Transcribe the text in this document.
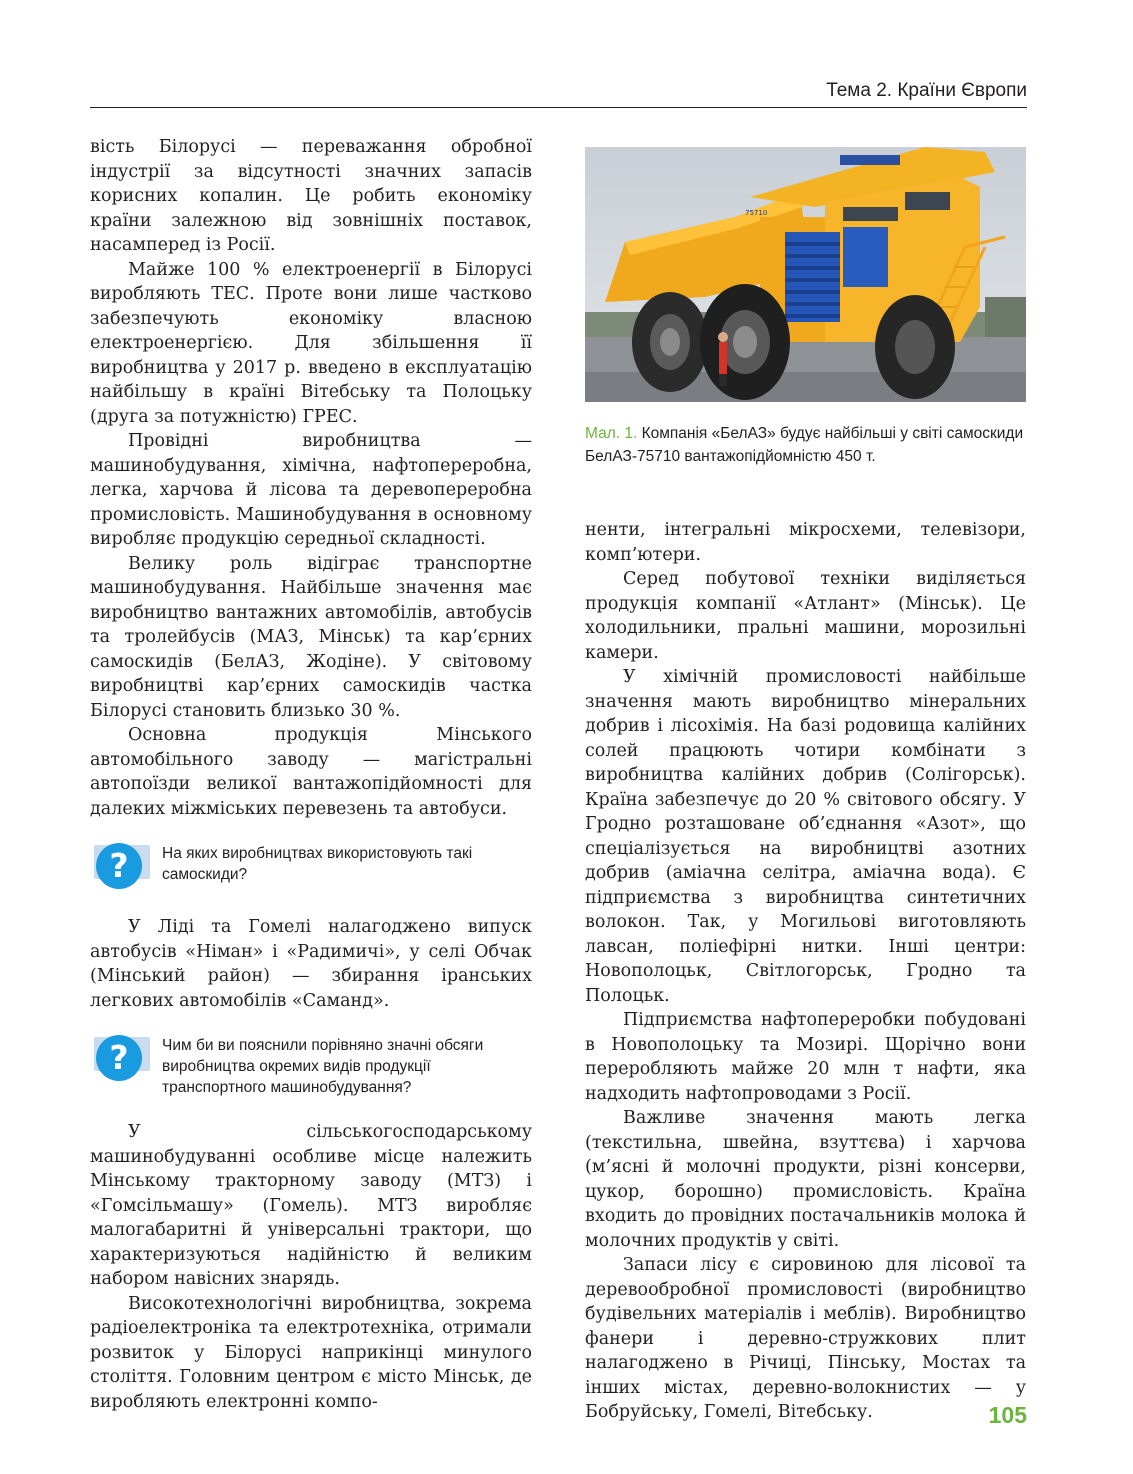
Тема 2. Країни Європи

вість Білорусі — переважання обробної індустрії за відсутності значних запасів корисних копалин. Це робить економіку країни залежною від зовнішніх поставок, насамперед із Росії.

Майже 100 % електроенергії в Білорусі виробляють ТЕС. Проте вони лише частково забезпечують економіку власною електроенергією. Для збільшення її виробництва у 2017 р. введено в експлуатацію найбільшу в країні Вітебську та Полоцьку (друга за потужністю) ГРЕС.

Провідні виробництва — машинобудування, хімічна, нафтопереробна, легка, харчова й лісова та деревопереробна промисловість. Машинобудування в основному виробляє продукцію середньої складності.

Велику роль відіграє транспортне машинобудування. Найбільше значення має виробництво вантажних автомобілів, автобусів та тролейбусів (МАЗ, Мінськ) та кар’єрних самоскидів (БелАЗ, Жодіне). У світовому виробництві кар’єрних самоскидів частка Білорусі становить близько 30 %.

Основна продукція Мінського автомобільного заводу — магістральні автопоїзди великої вантажопідйомності для далеких міжміських перевезень та автобуси.

?	На яких виробництвах використовують такі самоскиди?

У Ліді та Гомелі налагоджено випуск автобусів «Німан» і «Радимичі», у селі Обчак (Мінський район) — збирання іранських легкових автомобілів «Саманд».

?	Чим би ви пояснили порівняно значні обсяги виробництва окремих видів продукції транспортного машинобудування?

У сільськогосподарському машинобудуванні особливе місце належить Мінському тракторному заводу (МТЗ) і «Гомсільмашу» (Гомель). МТЗ виробляє малогабаритні й універсальні трактори, що характеризуються надійністю й великим набором навісних знарядь.

Високотехнологічні виробництва, зокрема радіоелектроніка та електротехніка, отримали розвиток у Білорусі наприкінці минулого століття. Головним центром є місто Мінськ, де виробляють електронні компо-

75710
Мал. 1. Компанія «БелАЗ» будує найбільші у світі самоскиди БелАЗ-75710 вантажопідйомністю 450 т.

ненти, інтегральні мікросхеми, телевізори, комп’ютери.

Серед побутової техніки виділяється продукція компанії «Атлант» (Мінськ). Це холодильники, пральні машини, морозильні камери.

У хімічній промисловості найбільше значення мають виробництво мінеральних добрив і лісохімія. На базі родовища калійних солей працюють чотири комбінати з виробництва калійних добрив (Солігорськ). Країна забезпечує до 20 % світового обсягу. У Гродно розташоване об’єднання «Азот», що спеціалізується на виробництві азотних добрив (аміачна селітра, аміачна вода). Є підприємства з виробництва синтетичних волокон. Так, у Могильові виготовляють лавсан, поліефірні нитки. Інші центри: Новополоцьк, Світлогорськ, Гродно та Полоцьк.

Підприємства нафтопереробки побудовані в Новополоцьку та Мозирі. Щорічно вони переробляють майже 20 млн т нафти, яка надходить нафтопроводами з Росії.

Важливе значення мають легка (текстильна, швейна, взуттєва) і харчова (м’ясні й молочні продукти, різні консерви, цукор, борошно) промисловість. Країна входить до провідних постачальників молока й молочних продуктів у світі.

Запаси лісу є сировиною для лісової та деревообробної промисловості (виробництво будівельних матеріалів і меблів). Виробництво фанери і деревно-стружкових плит налагоджено в Річиці, Пінську, Мостах та інших містах, деревно-волокнистих — у Бобруйську, Гомелі, Вітебську.	105
